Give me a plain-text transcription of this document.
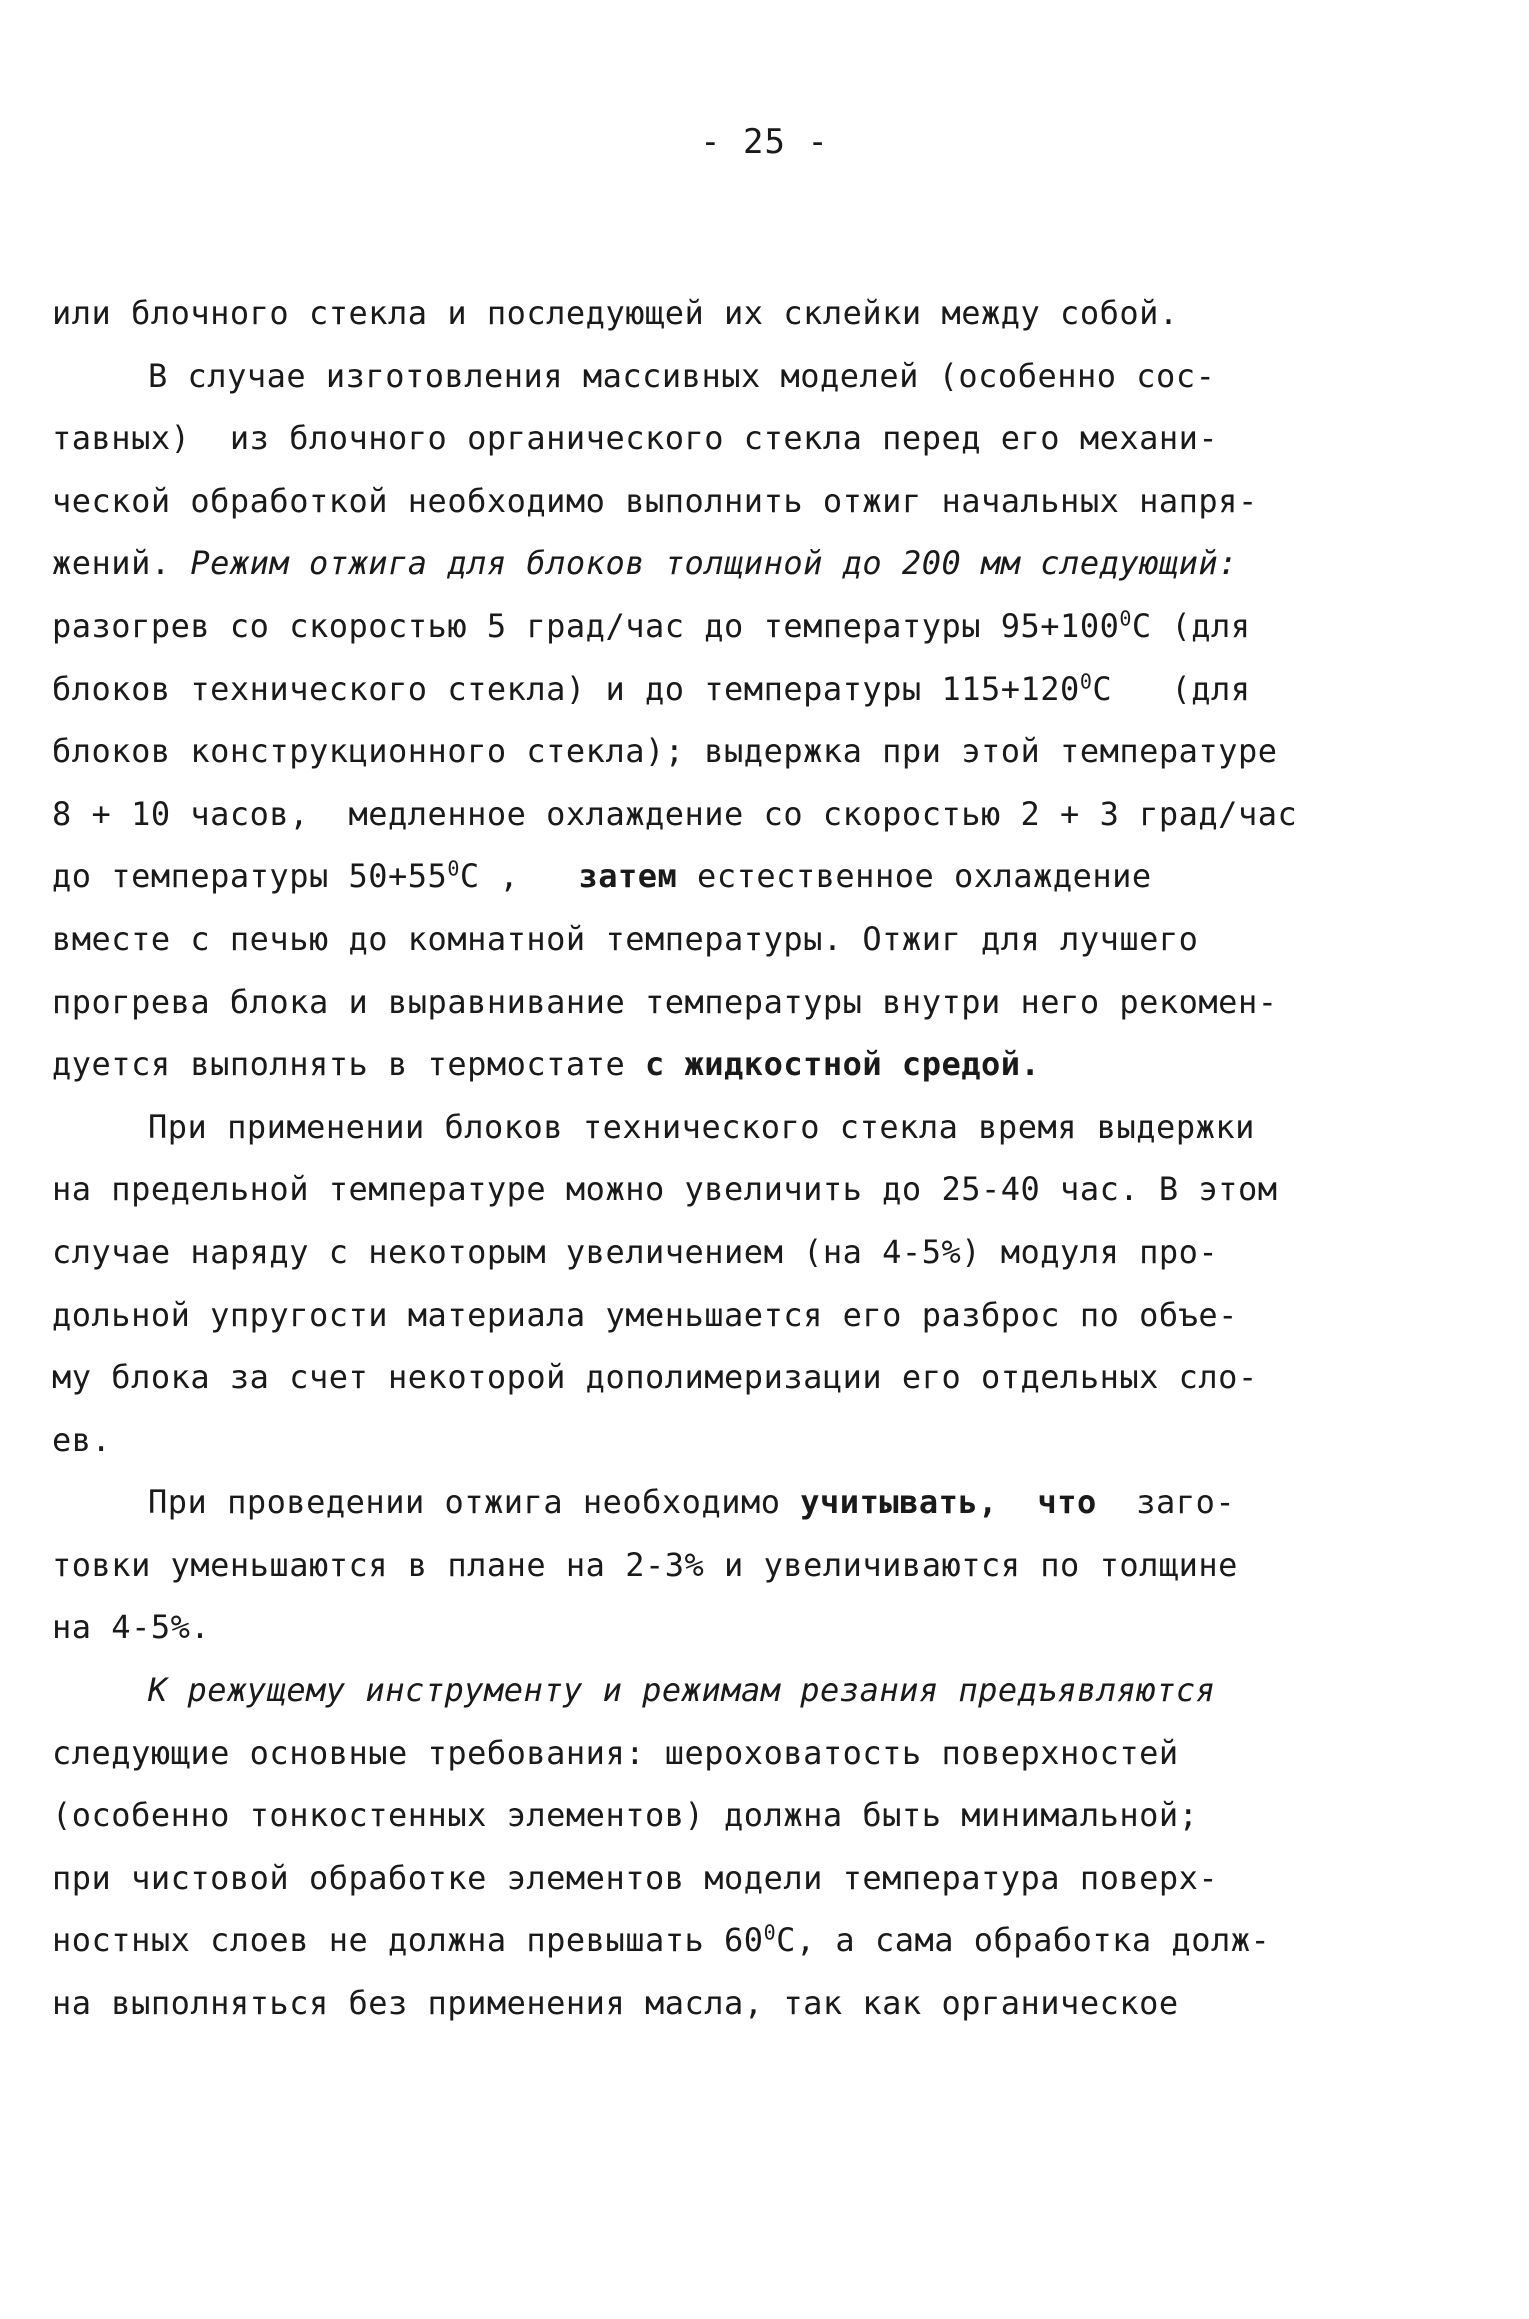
- 25 -
или блочного стекла и последующей их склейки между собой.
В случае изготовления массивных моделей (особенно сос-
тавных)  из блочного органического стекла перед его механи-
ческой обработкой необходимо выполнить отжиг начальных напря-
жений. Режим отжига для блоков толщиной до 200 мм следующий:
разогрев со скоростью 5 град/час до температуры $95+100^0С$ (для
блоков технического стекла) и до температуры $115+120^0С$   (для
блоков конструкционного стекла); выдержка при этой температуре
8 + 10 часов,  медленное охлаждение со скоростью 2 + 3 град/час
до температуры $50+55^0С$ ,   затем естественное охлаждение
вместе с печью до комнатной температуры. Отжиг для лучшего
прогрева блока и выравнивание температуры внутри него рекомен-
дуется выполнять в термостате с жидкостной средой.
При применении блоков технического стекла время выдержки
на предельной температуре можно увеличить до 25-40 час. В этом
случае наряду с некоторым увеличением (на 4-5%) модуля про-
дольной упругости материала уменьшается его разброс по объе-
му блока за счет некоторой дополимеризации его отдельных сло-
ев.
При проведении отжига необходимо учитывать,  что  заго-
товки уменьшаются в плане на 2-3% и увеличиваются по толщине
на 4-5%.
К режущему инструменту и режимам резания предъявляются
следующие основные требования: шероховатость поверхностей
(особенно тонкостенных элементов) должна быть минимальной;
при чистовой обработке элементов модели температура поверх-
ностных слоев не должна превышать $60^0С$, а сама обработка долж-
на выполняться без применения масла, так как органическое
